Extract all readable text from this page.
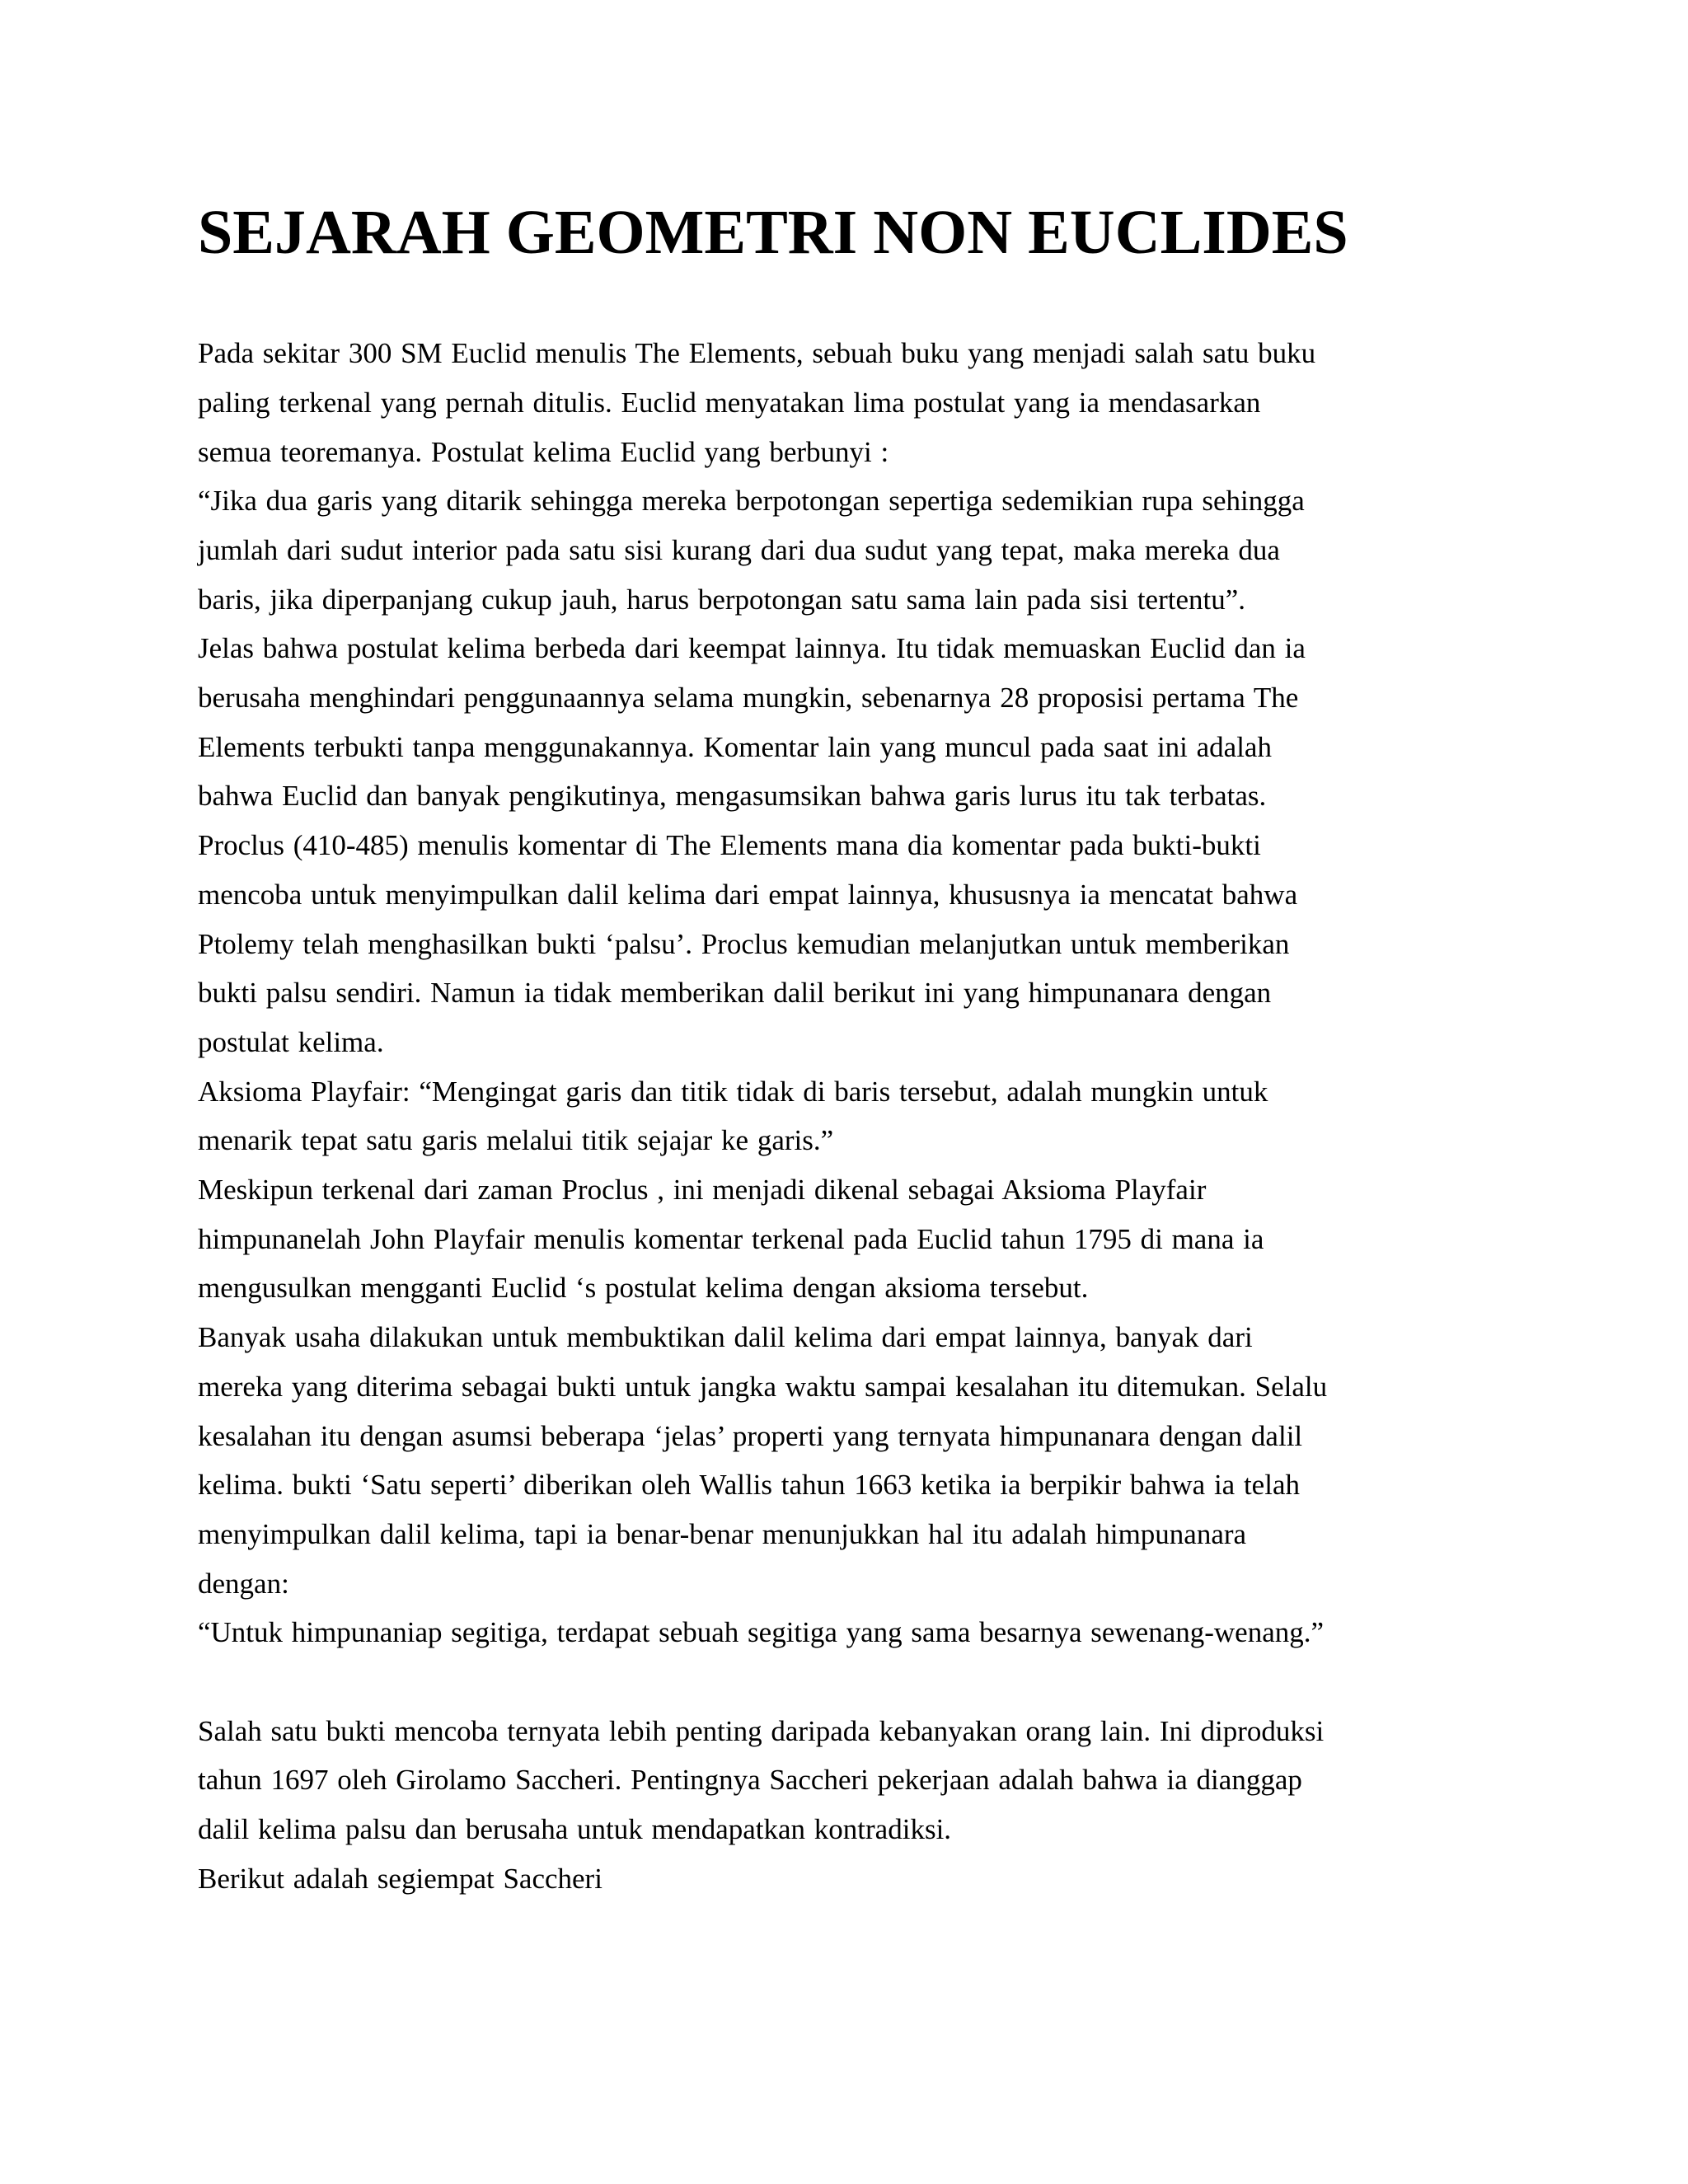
SEJARAH GEOMETRI NON EUCLIDES
Pada sekitar 300 SM Euclid menulis The Elements, sebuah buku yang menjadi salah satu buku
paling terkenal yang pernah ditulis. Euclid menyatakan lima postulat yang ia mendasarkan
semua teoremanya. Postulat kelima Euclid yang berbunyi :
“Jika dua garis yang ditarik sehingga mereka berpotongan sepertiga sedemikian rupa sehingga
jumlah dari sudut interior pada satu sisi kurang dari dua sudut yang tepat, maka mereka dua
baris, jika diperpanjang cukup jauh, harus berpotongan satu sama lain pada sisi tertentu”.
Jelas bahwa postulat kelima berbeda dari keempat lainnya. Itu tidak memuaskan Euclid dan ia
berusaha menghindari penggunaannya selama mungkin, sebenarnya 28 proposisi pertama The
Elements terbukti tanpa menggunakannya. Komentar lain yang muncul pada saat ini adalah
bahwa Euclid dan banyak pengikutinya, mengasumsikan bahwa garis lurus itu tak terbatas.
Proclus (410-485) menulis komentar di The Elements mana dia komentar pada bukti-bukti
mencoba untuk menyimpulkan dalil kelima dari empat lainnya, khususnya ia mencatat bahwa
Ptolemy telah menghasilkan bukti ‘palsu’. Proclus kemudian melanjutkan untuk memberikan
bukti palsu sendiri. Namun ia tidak memberikan dalil berikut ini yang himpunanara dengan
postulat kelima.
Aksioma Playfair: “Mengingat garis dan titik tidak di baris tersebut, adalah mungkin untuk
menarik tepat satu garis melalui titik sejajar ke garis.”
Meskipun terkenal dari zaman Proclus , ini menjadi dikenal sebagai Aksioma Playfair
himpunanelah John Playfair menulis komentar terkenal pada Euclid tahun 1795 di mana ia
mengusulkan mengganti Euclid ‘s postulat kelima dengan aksioma tersebut.
Banyak usaha dilakukan untuk membuktikan dalil kelima dari empat lainnya, banyak dari
mereka yang diterima sebagai bukti untuk jangka waktu sampai kesalahan itu ditemukan. Selalu
kesalahan itu dengan asumsi beberapa ‘jelas’ properti yang ternyata himpunanara dengan dalil
kelima. bukti ‘Satu seperti’ diberikan oleh Wallis tahun 1663 ketika ia berpikir bahwa ia telah
menyimpulkan dalil kelima, tapi ia benar-benar menunjukkan hal itu adalah himpunanara
dengan:
“Untuk himpunaniap segitiga, terdapat sebuah segitiga yang sama besarnya sewenang-wenang.”
Salah satu bukti mencoba ternyata lebih penting daripada kebanyakan orang lain. Ini diproduksi
tahun 1697 oleh Girolamo Saccheri. Pentingnya Saccheri pekerjaan adalah bahwa ia dianggap
dalil kelima palsu dan berusaha untuk mendapatkan kontradiksi.
Berikut adalah segiempat Saccheri
